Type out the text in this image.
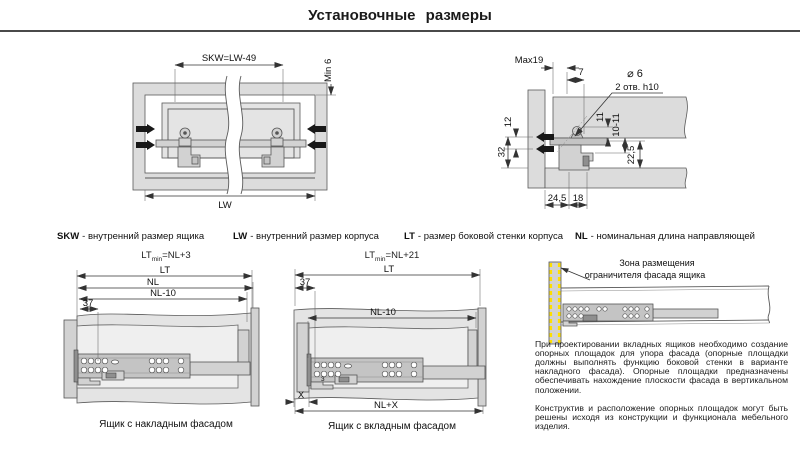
Установочные размеры
SKW=LW-49
LW
Min 6	Max19
7	⌀ 6
2 отв. h10
12
32
11 10-11
22,5
24,5 18
SKW - внутренний размер ящика	LW - внутренний размер корпуса	LT - размер боковой стенки корпуса NL - номинальная длина направляющей
$LT_{min}=NL+3$
LT
NL
NL-10
37
Ящик с накладным фасадом
$LT_{min}=NL+21$
3
LT
37
NL-10
X
NL+X
Ящик с вкладным фасадом
Зона размещения
ограничителя фасада ящика

При проектировании вкладных ящиков необходимо создание опорных площадок для упора фасада (опорные площадки должны выполнять функцию боковой стенки в варианте накладного фасада). Опорные площадки предназначены обеспечивать нахождение плоскости фасада в вертикальном положении.

Конструктив и расположение опорных площадок могут быть решены исходя из конструкции и функционала мебельного изделия.
